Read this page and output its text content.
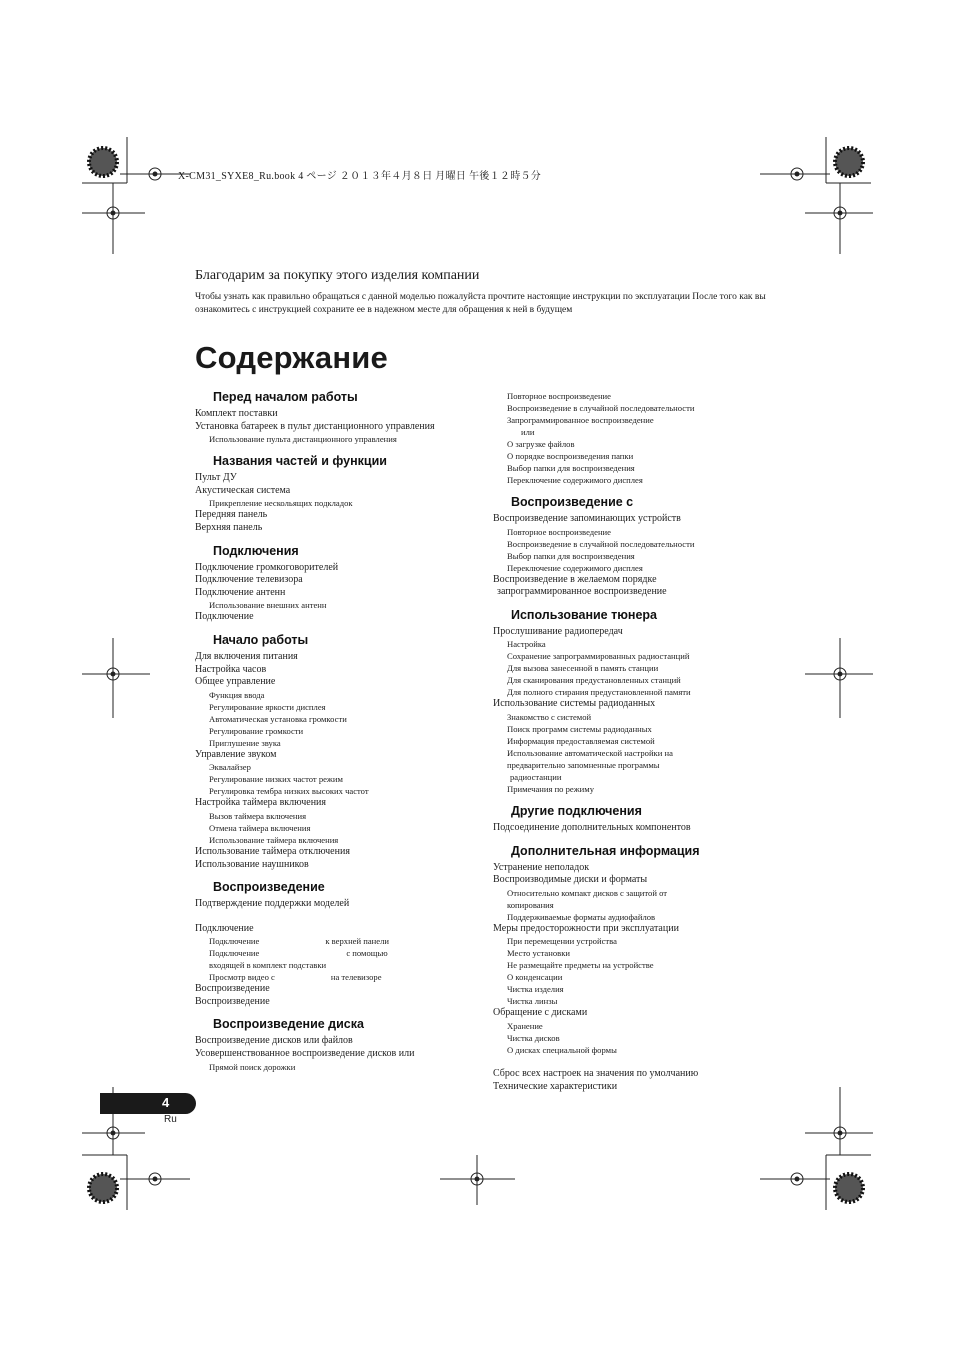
X-CM31_SYXE8_Ru.book 4 ページ ２０１３年４月８日 月曜日 午後１２時５分
Благодарим за покупку этого изделия компании
Чтобы узнать как правильно обращаться с данной моделью пожалуйста прочтите настоящие инструкции по эксплуатации После того как вы ознакомитесь с инструкцией сохраните ее в надежном месте для обращения к ней в будущем
Содержание
Перед началом работы
Комплект поставки
Установка батареек в пульт дистанционного управления
Использование пульта дистанционного управления
Названия частей и функции
Пульт ДУ
Акустическая система
Прикрепление нескольящих подкладок
Передняя панель
Верхняя панель
Подключения
Подключение громкоговорителей
Подключение телевизора
Подключение антенн
Использование внешних антенн
Подключение
Начало работы
Для включения питания
Настройка часов
Общее управление
Функция ввода
Регулирование яркости дисплея
Автоматическая установка громкости
Регулирование громкости
Приглушение звука
Управление звуком
Эквалайзер
Регулирование низких частот режим
Регулировка тембра низких высоких частот
Настройка таймера включения
Вызов таймера включения
Отмена таймера включения
Использование таймера включения
Использование таймера отключения
Использование наушников
Воспроизведение
Подтверждение поддержки моделей
Подключение
Подключение	к верхней панели
Подключение	с помощью
входящей в комплект подставки
Просмотр видео с	на телевизоре
Воспроизведение
Воспроизведение
Воспроизведение диска
Воспроизведение дисков или файлов
Усовершенствованное воспроизведение дисков или
Прямой поиск дорожки
Повторное воспроизведение
Воспроизведение в случайной последовательности
Запрограммированное воспроизведение
или
О загрузке файлов
О порядке воспроизведения папки
Выбор папки для воспроизведения
Переключение содержимого дисплея
Воспроизведение с
Воспроизведение запоминающих устройств
Повторное воспроизведение
Воспроизведение в случайной последовательности
Выбор папки для воспроизведения
Переключение содержимого дисплея
Воспроизведение в желаемом порядке
запрограммированное воспроизведение
Использование тюнера
Прослушивание радиопередач
Настройка
Сохранение запрограммированных радиостанций
Для вызова занесенной в память станции
Для сканирования предустановленных станций
Для полного стирания предустановленной памяти
Использование системы радиоданных
Знакомство с системой
Поиск программ системы радиоданных
Информация предоставляемая системой
Использование автоматической настройки на
предварительно запомненные программы
радиостанции
Примечания по режиму
Другие подключения
Подсоединение дополнительных компонентов
Дополнительная информация
Устранение неполадок
Воспроизводимые диски и форматы
Относительно компакт дисков с защитой от
копирования
Поддерживаемые форматы аудиофайлов
Меры предосторожности при эксплуатации
При перемещении устройства
Место установки
Не размещайте предметы на устройстве
О конденсации
Чистка изделия
Чистка линзы
Обращение с дисками
Хранение
Чистка дисков
О дисках специальной формы
Сброс всех настроек на значения по умолчанию
Технические характеристики
4
Ru
